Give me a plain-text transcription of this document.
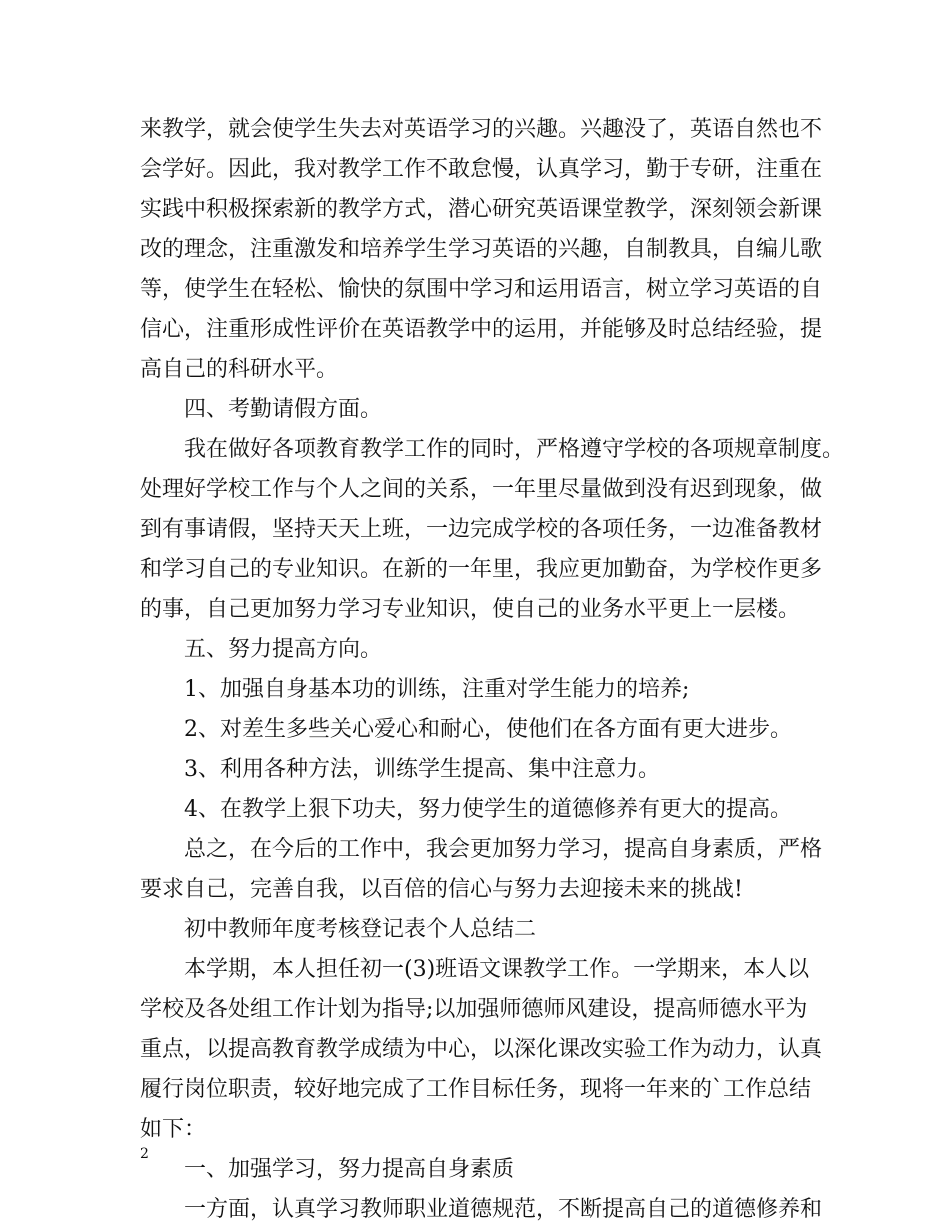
来教学，就会使学生失去对英语学习的兴趣。兴趣没了，英语自然也不
会学好。因此，我对教学工作不敢怠慢，认真学习，勤于专研，注重在
实践中积极探索新的教学方式，潜心研究英语课堂教学，深刻领会新课
改的理念，注重激发和培养学生学习英语的兴趣，自制教具，自编儿歌
等，使学生在轻松、愉快的氛围中学习和运用语言，树立学习英语的自
信心，注重形成性评价在英语教学中的运用，并能够及时总结经验，提
高自己的科研水平。
四、考勤请假方面。
我在做好各项教育教学工作的同时，严格遵守学校的各项规章制度。
处理好学校工作与个人之间的关系，一年里尽量做到没有迟到现象，做
到有事请假，坚持天天上班，一边完成学校的各项任务，一边准备教材
和学习自己的专业知识。在新的一年里，我应更加勤奋，为学校作更多
的事，自己更加努力学习专业知识，使自己的业务水平更上一层楼。
五、努力提高方向。
1、加强自身基本功的训练，注重对学生能力的培养;
2、对差生多些关心爱心和耐心，使他们在各方面有更大进步。
3、利用各种方法，训练学生提高、集中注意力。
4、在教学上狠下功夫，努力使学生的道德修养有更大的提高。
总之，在今后的工作中，我会更加努力学习，提高自身素质，严格
要求自己，完善自我，以百倍的信心与努力去迎接未来的挑战!
初中教师年度考核登记表个人总结二
本学期，本人担任初一(3)班语文课教学工作。一学期来，本人以
学校及各处组工作计划为指导;以加强师德师风建设，提高师德水平为
重点，以提高教育教学成绩为中心，以深化课改实验工作为动力，认真
履行岗位职责，较好地完成了工作目标任务，现将一年来的`工作总结
如下：
一、加强学习，努力提高自身素质
一方面，认真学习教师职业道德规范，不断提高自己的道德修养和
2
